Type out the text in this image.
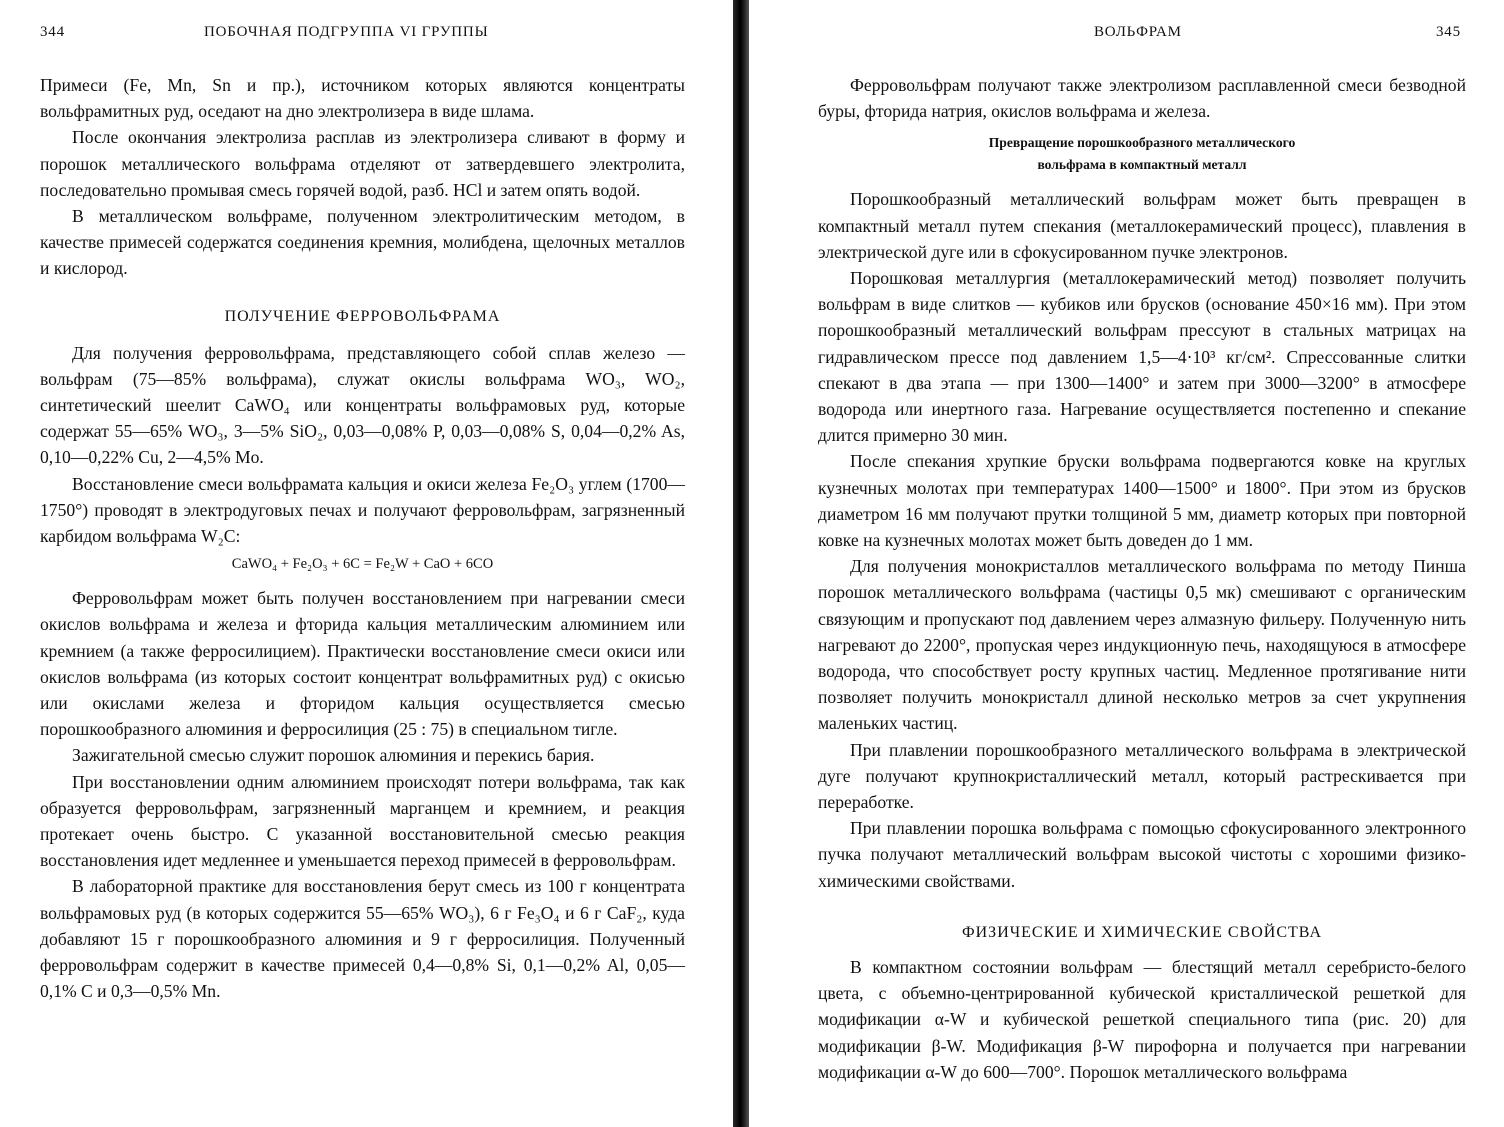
344	ПОБОЧНАЯ ПОДГРУППА VI ГРУППЫ

Примеси (Fe, Mn, Sn и пр.), источником которых являются концентраты вольфрамитных руд, оседают на дно электролизера в виде шлама.

После окончания электролиза расплав из электролизера сливают в форму и порошок металлического вольфрама отделяют от затвердевшего электролита, последовательно промывая смесь горячей водой, разб. HCl и затем опять водой.

В металлическом вольфраме, полученном электролитическим методом, в качестве примесей содержатся соединения кремния, молибдена, щелочных металлов и кислород.

ПОЛУЧЕНИЕ ФЕРРОВОЛЬФРАМА

Для получения ферровольфрама, представляющего собой сплав железо — вольфрам (75—85% вольфрама), служат окислы вольфрама WO₃, WO₂, синтетический шеелит CaWO₄ или концентраты вольфрамовых руд, которые содержат 55—65% WO₃, 3—5% SiO₂, 0,03—0,08% P, 0,03—0,08% S, 0,04—0,2% As, 0,10—0,22% Cu, 2—4,5% Mo.

Восстановление смеси вольфрамата кальция и окиси железа Fe₂O₃ углем (1700—1750°) проводят в электродуговых печах и получают ферровольфрам, загрязненный карбидом вольфрама W₂C:

CaWO₄ + Fe₂O₃ + 6C = Fe₂W + CaO + 6CO

Ферровольфрам может быть получен восстановлением при нагревании смеси окислов вольфрама и железа и фторида кальция металлическим алюминием или кремнием (а также ферросилицием). Практически восстановление смеси окиси или окислов вольфрама (из которых состоит концентрат вольфрамитных руд) с окисью или окислами железа и фторидом кальция осуществляется смесью порошкообразного алюминия и ферросилиция (25 : 75) в специальном тигле.

Зажигательной смесью служит порошок алюминия и перекись бария.

При восстановлении одним алюминием происходят потери вольфрама, так как образуется ферровольфрам, загрязненный марганцем и кремнием, и реакция протекает очень быстро. С указанной восстановительной смесью реакция восстановления идет медленнее и уменьшается переход примесей в ферровольфрам.

В лабораторной практике для восстановления берут смесь из 100 г концентрата вольфрамовых руд (в которых содержится 55—65% WO₃), 6 г Fe₃O₄ и 6 г CaF₂, куда добавляют 15 г порошкообразного алюминия и 9 г ферросилиция. Полученный ферровольфрам содержит в качестве примесей 0,4—0,8% Si, 0,1—0,2% Al, 0,05—0,1% C и 0,3—0,5% Mn.

ВОЛЬФРАМ	345

Ферровольфрам получают также электролизом расплавленной смеси безводной буры, фторида натрия, окислов вольфрама и железа.

Превращение порошкообразного металлического
вольфрама в компактный металл

Порошкообразный металлический вольфрам может быть превращен в компактный металл путем спекания (металлокерамический процесс), плавления в электрической дуге или в сфокусированном пучке электронов.

Порошковая металлургия (металлокерамический метод) позволяет получить вольфрам в виде слитков — кубиков или брусков (основание 450×16 мм). При этом порошкообразный металлический вольфрам прессуют в стальных матрицах на гидравлическом прессе под давлением 1,5—4·10³ кг/см². Спрессованные слитки спекают в два этапа — при 1300—1400° и затем при 3000—3200° в атмосфере водорода или инертного газа. Нагревание осуществляется постепенно и спекание длится примерно 30 мин.

После спекания хрупкие бруски вольфрама подвергаются ковке на круглых кузнечных молотах при температурах 1400—1500° и 1800°. При этом из брусков диаметром 16 мм получают прутки толщиной 5 мм, диаметр которых при повторной ковке на кузнечных молотах может быть доведен до 1 мм.

Для получения монокристаллов металлического вольфрама по методу Пинша порошок металлического вольфрама (частицы 0,5 мк) смешивают с органическим связующим и пропускают под давлением через алмазную фильеру. Полученную нить нагревают до 2200°, пропуская через индукционную печь, находящуюся в атмосфере водорода, что способствует росту крупных частиц. Медленное протягивание нити позволяет получить монокристалл длиной несколько метров за счет укрупнения маленьких частиц.

При плавлении порошкообразного металлического вольфрама в электрической дуге получают крупнокристаллический металл, который растрескивается при переработке.

При плавлении порошка вольфрама с помощью сфокусированного электронного пучка получают металлический вольфрам высокой чистоты с хорошими физико-химическими свойствами.

ФИЗИЧЕСКИЕ И ХИМИЧЕСКИЕ СВОЙСТВА

В компактном состоянии вольфрам — блестящий металл серебристо-белого цвета, с объемно-центрированной кубической кристаллической решеткой для модификации α-W и кубической решеткой специального типа (рис. 20) для модификации β-W. Модификация β-W пирофорна и получается при нагревании модификации α-W до 600—700°. Порошок металлического вольфрама
